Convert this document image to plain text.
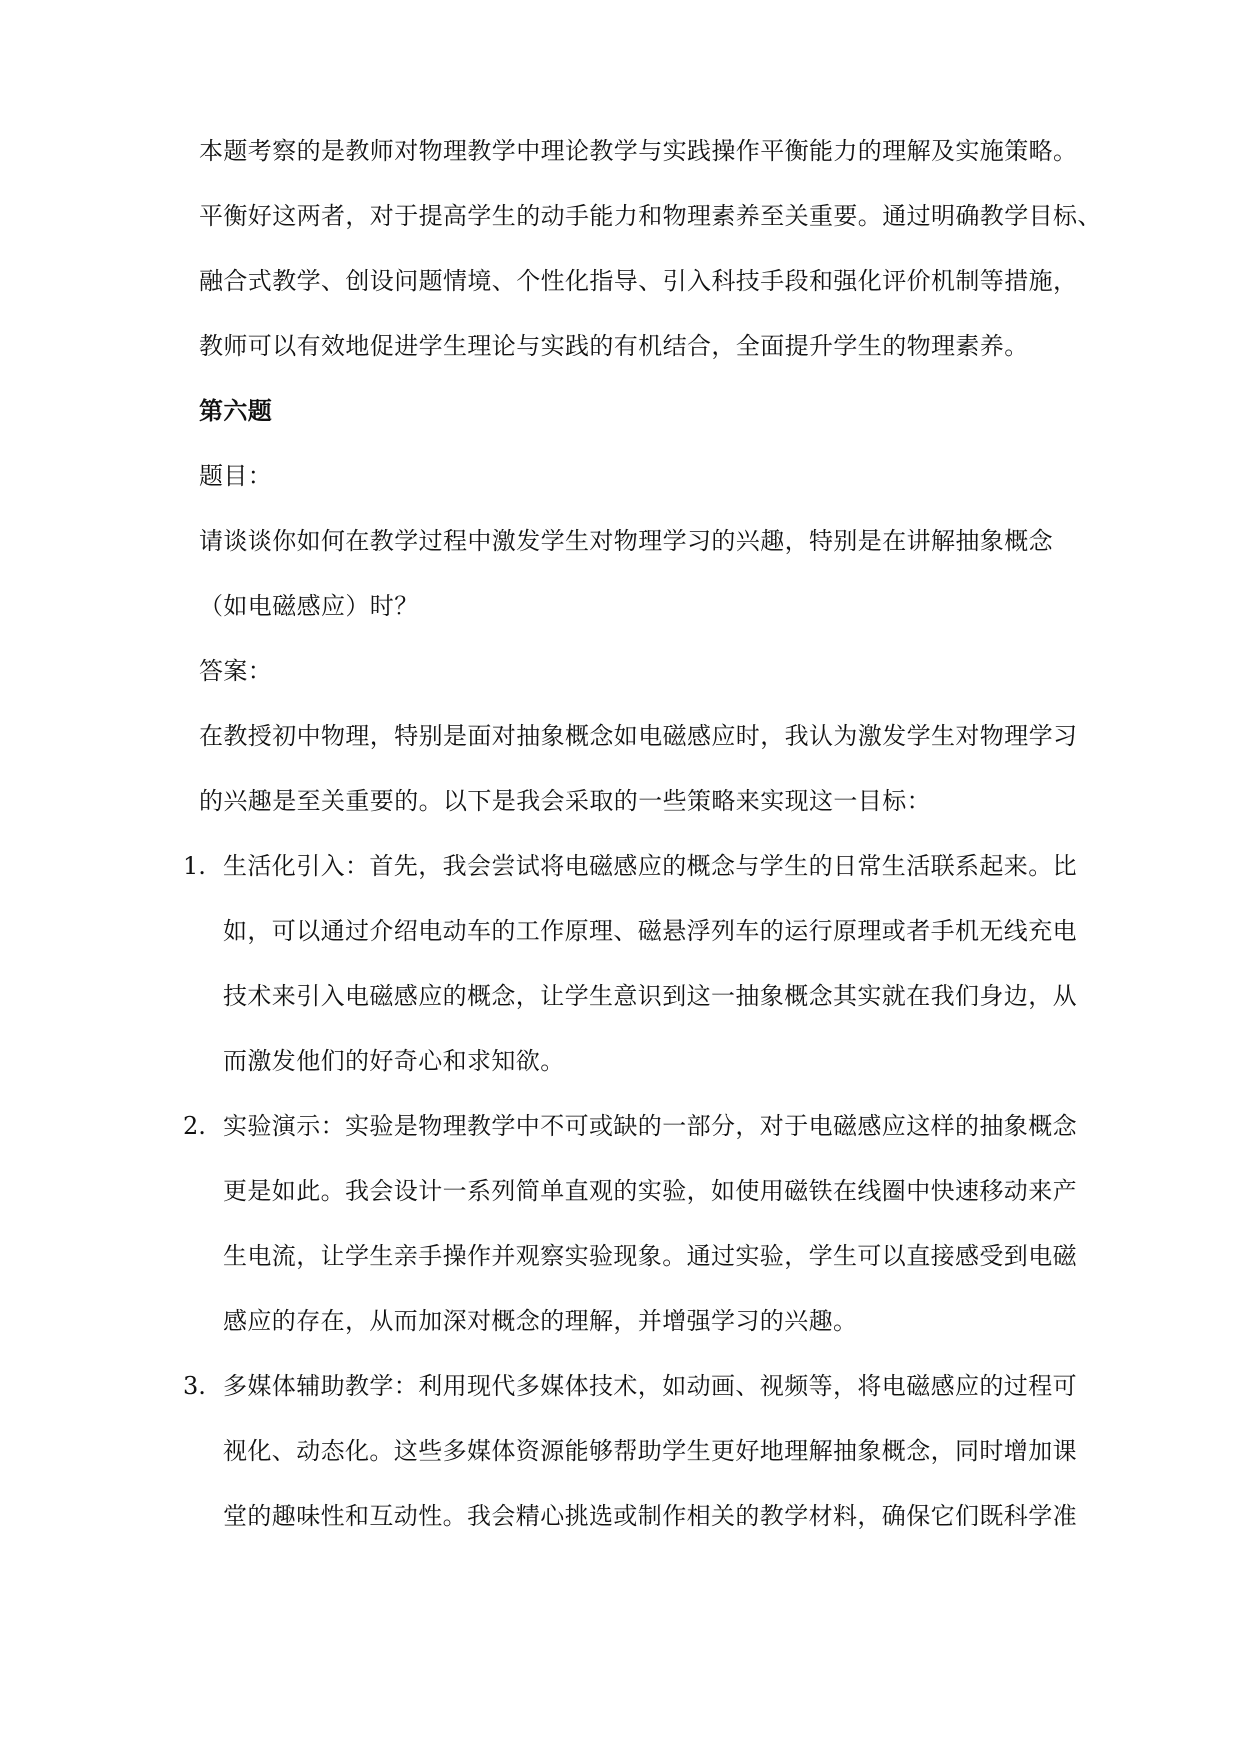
本题考察的是教师对物理教学中理论教学与实践操作平衡能力的理解及实施策略。
平衡好这两者，对于提高学生的动手能力和物理素养至关重要。通过明确教学目标、
融合式教学、创设问题情境、个性化指导、引入科技手段和强化评价机制等措施，
教师可以有效地促进学生理论与实践的有机结合，全面提升学生的物理素养。
第六题
题目：
请谈谈你如何在教学过程中激发学生对物理学习的兴趣，特别是在讲解抽象概念
（如电磁感应）时？
答案：
在教授初中物理，特别是面对抽象概念如电磁感应时，我认为激发学生对物理学习
的兴趣是至关重要的。以下是我会采取的一些策略来实现这一目标：
1. 生活化引入：首先，我会尝试将电磁感应的概念与学生的日常生活联系起来。比
如，可以通过介绍电动车的工作原理、磁悬浮列车的运行原理或者手机无线充电
技术来引入电磁感应的概念，让学生意识到这一抽象概念其实就在我们身边，从
而激发他们的好奇心和求知欲。
2. 实验演示：实验是物理教学中不可或缺的一部分，对于电磁感应这样的抽象概念
更是如此。我会设计一系列简单直观的实验，如使用磁铁在线圈中快速移动来产
生电流，让学生亲手操作并观察实验现象。通过实验，学生可以直接感受到电磁
感应的存在，从而加深对概念的理解，并增强学习的兴趣。
3. 多媒体辅助教学：利用现代多媒体技术，如动画、视频等，将电磁感应的过程可
视化、动态化。这些多媒体资源能够帮助学生更好地理解抽象概念，同时增加课
堂的趣味性和互动性。我会精心挑选或制作相关的教学材料，确保它们既科学准
